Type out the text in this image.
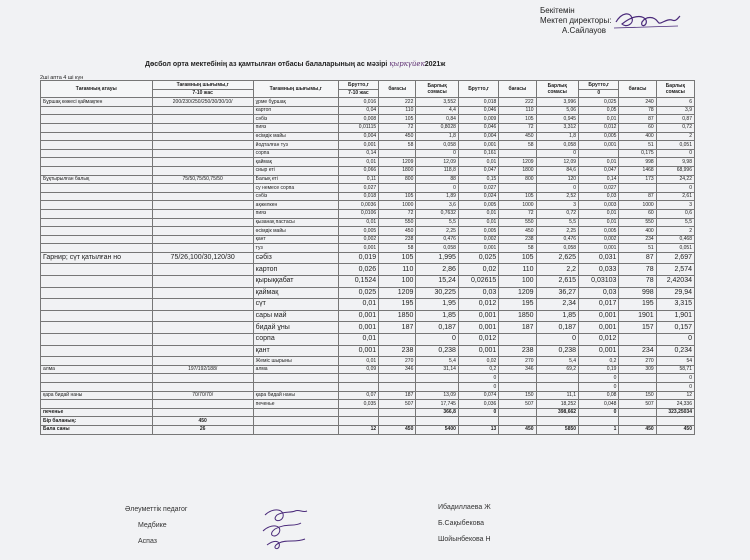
Бекітемін
Мектеп директоры:
А.Сайлауов
Дөсбол орта мектебінің аз қамтылған отбасы балаларының ас мәзірі қыркүйек2021ж
2ші апта 4 ші күн
Тағамның атауы	Тағамның шығымы,г	Тағамның шығымы,г	Брутто,г	бағасы	Барлық сомасы	Брутто,г	бағасы	Барлық сомасы	Брутто,г	бағасы	Барлық сомасы
	7-10 жас		7-10 жас						0		
Бұршақ көжесі қаймақпен	200/230/250/250/30/30/10/	ұрме бұршақ	0,016	222	3,552	0,018	222	3,996	0,025	240	6
		картоп	0,04	110	4,4	0,046	110	5,06	0,05	78	3,9
		сәбіз	0,008	105	0,84	0,009	105	0,945	0,01	87	0,87
		пияз	0,01115	72	0,8028	0,046	72	3,312	0,012	60	0,72
		өсімдік майы	0,004	450	1,8	0,004	450	1,8	0,005	400	2
		йодталған туз	0,001	58	0,058	0,001	58	0,058	0,001	51	0,051
		сорпа	0,14		0	0,161		0		0,175	0
		қаймақ	0,01	1209	12,09	0,01	1209	12,09	0,01	998	9,98
		сиыр еті	0,066	1800	118,8	0,047	1800	84,6	0,047	1468	68,996
Бұқтырылған балық	75/50,75/50,75/50	Балық еті	0,11	800	88	0,15	800	120	0,14	173	24,22
		су немесе сорпа	0,027		0	0,027		0	0,027		0
		сәбіз	0,018	105	1,89	0,024	105	2,52	0,03	87	2,61
		ақжелкен	0,0036	1000	3,6	0,005	1000	3	0,003	1000	3
		пияз	0,0106	72	0,7632	0,01	72	0,72	0,01	60	0,6
		қызанақ пастасы	0,01	550	5,5	0,01	550	5,5	0,01	550	5,5
		өсімдік майы	0,005	450	2,25	0,005	450	2,25	0,005	400	2
		қант	0,002	238	0,476	0,002	238	0,476	0,002	234	0,468
		туз	0,001	58	0,058	0,001	58	0,058	0,001	51	0,051
Гарнир; сүт қатылған но	75/26,100/30,120/30	сәбіз	0,019	105	1,995	0,025	105	2,625	0,031	87	2,697
		картоп	0,026	110	2,86	0,02	110	2,2	0,033	78	2,574
		қырыққабат	0,1524	100	15,24	0,02615	100	2,615	0,03103	78	2,42034
		қаймақ	0,025	1209	30,225	0,03	1209	36,27	0,03	998	29,94
		сүт	0,01	195	1,95	0,012	195	2,34	0,017	195	3,315
		сары май	0,001	1850	1,85	0,001	1850	1,85	0,001	1901	1,901
		бидай ұны	0,001	187	0,187	0,001	187	0,187	0,001	157	0,157
		сорпа	0,01		0	0,012		0	0,012		0
		қант	0,001	238	0,238	0,001	238	0,238	0,001	234	0,234
		Жеміс шырыны	0,01	270	5,4	0,02	270	5,4	0,2	270	54
алма	197/192/188/	алма	0,09	346	31,14	0,2	346	69,2	0,19	309	58,71
						0			0		0
						0			0		0
қара бидай наны	70/70/70/	қара бидай наны	0,07	187	13,09	0,074	150	11,1	0,08	150	12
		печенье	0,035	507	17,745	0,036	507	18,252	0,048	507	24,336
печенье					366,8	0		398,662	0		323,25034
Бір баланың:	450										
Бала саны	26		12	450	5400	13	450	5850	1	450	450
Әлеуметтік педагог
Медбике
Аспаз
Ибадиллаева Ж
Б.Сақыбекова
Шойынбекова Н
